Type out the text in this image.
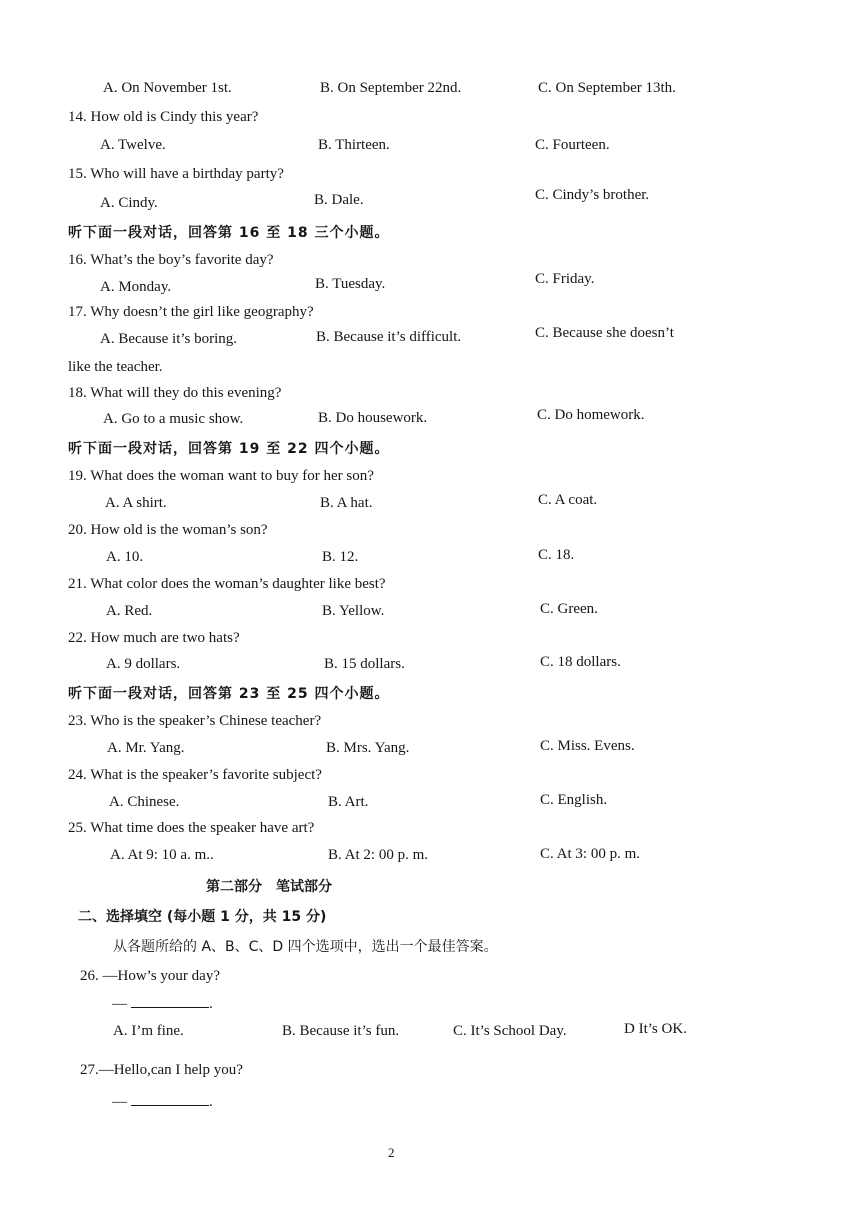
A. On November 1st.	B. On September 22nd.	C. On September 13th.
14. How old is Cindy this year?
A. Twelve.	B. Thirteen.	C. Fourteen.
15. Who will have a birthday party?
A. Cindy.	B. Dale.	C. Cindy’s brother.
听下面一段对话，回答第 16 至 18 三个小题。
16. What’s the boy’s favorite day?
A. Monday.	B. Tuesday.	C. Friday.
17. Why doesn’t the girl like geography?
A. Because it’s boring.	B. Because it’s difficult.	C. Because she doesn’t
like the teacher.
18. What will they do this evening?
A. Go to a music show.	B. Do housework.	C. Do homework.
听下面一段对话，回答第 19 至 22 四个小题。
19. What does the woman want to buy for her son?
A. A shirt.	B. A hat.	C. A coat.
20. How old is the woman’s son?
A. 10.	B. 12.	C. 18.
21. What color does the woman’s daughter like best?
A. Red.	B. Yellow.	C. Green.
22. How much are two hats?
A. 9 dollars.	B. 15 dollars.	C. 18 dollars.
听下面一段对话，回答第 23 至 25 四个小题。
23. Who is the speaker’s Chinese teacher?
A. Mr. Yang.	B. Mrs. Yang.	C. Miss. Evens.
24. What is the speaker’s favorite subject?
A. Chinese.	B. Art.	C. English.
25. What time does the speaker have art?
A. At 9: 10 a. m..	B. At 2: 00 p. m.	C. At 3: 00 p. m.
第二部分　笔试部分
二、选择填空 (每小题 1 分，共 15 分)
从各题所给的 A、B、C、D 四个选项中，选出一个最佳答案。
26. —How’s your day?
—	.
A. I’m fine.	B. Because it’s fun.	C. It’s School Day.	D It’s OK.
27.—Hello,can I help you?
—	.
2
